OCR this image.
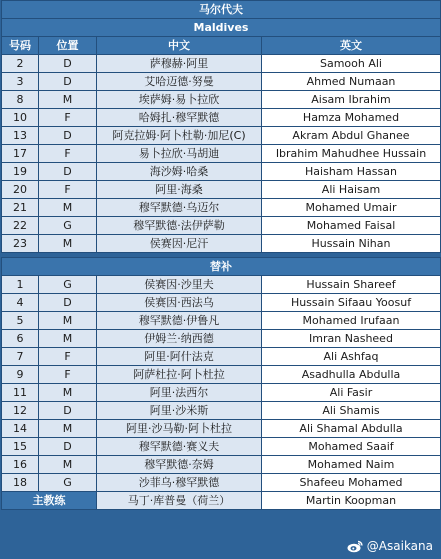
马尔代夫			
Maldives			
号码	位置	中文	英文
2	D	萨穆赫·阿里	Samooh Ali
3	D	艾哈迈德·努曼	Ahmed Numaan
8	M	埃萨姆·易卜拉欣	Aisam Ibrahim
10	F	哈姆扎·穆罕默德	Hamza Mohamed
13	D	阿克拉姆·阿卜杜勒·加尼(C)	Akram Abdul Ghanee
17	F	易卜拉欣·马胡迪	Ibrahim Mahudhee Hussain
19	D	海沙姆·哈桑	Haisham Hassan
20	F	阿里·海桑	Ali Haisam
21	M	穆罕默德·乌迈尔	Mohamed Umair
22	G	穆罕默德·法伊萨勒	Mohamed Faisal
23	M	侯赛因·尼汗	Hussain Nihan

替补			
1	G	侯赛因·沙里夫	Hussain Shareef
4	D	侯赛因·西法乌	Hussain Sifaau Yoosuf
5	M	穆罕默德·伊鲁凡	Mohamed Irufaan
6	M	伊姆兰·纳西德	Imran Nasheed
7	F	阿里·阿什法克	Ali Ashfaq
9	F	阿萨杜拉·阿卜杜拉	Asadhulla Abdulla
11	M	阿里·法西尔	Ali Fasir
12	D	阿里·沙米斯	Ali Shamis
14	M	阿里·沙马勒·阿卜杜拉	Ali Shamal Abdulla
15	D	穆罕默德·赛义夫	Mohamed Saaif
16	M	穆罕默德·奈姆	Mohamed Naim
18	G	沙菲乌·穆罕默德	Shafeeu Mohamed
主教练		马丁·库普曼（荷兰）	Martin Koopman
@Asaikana
